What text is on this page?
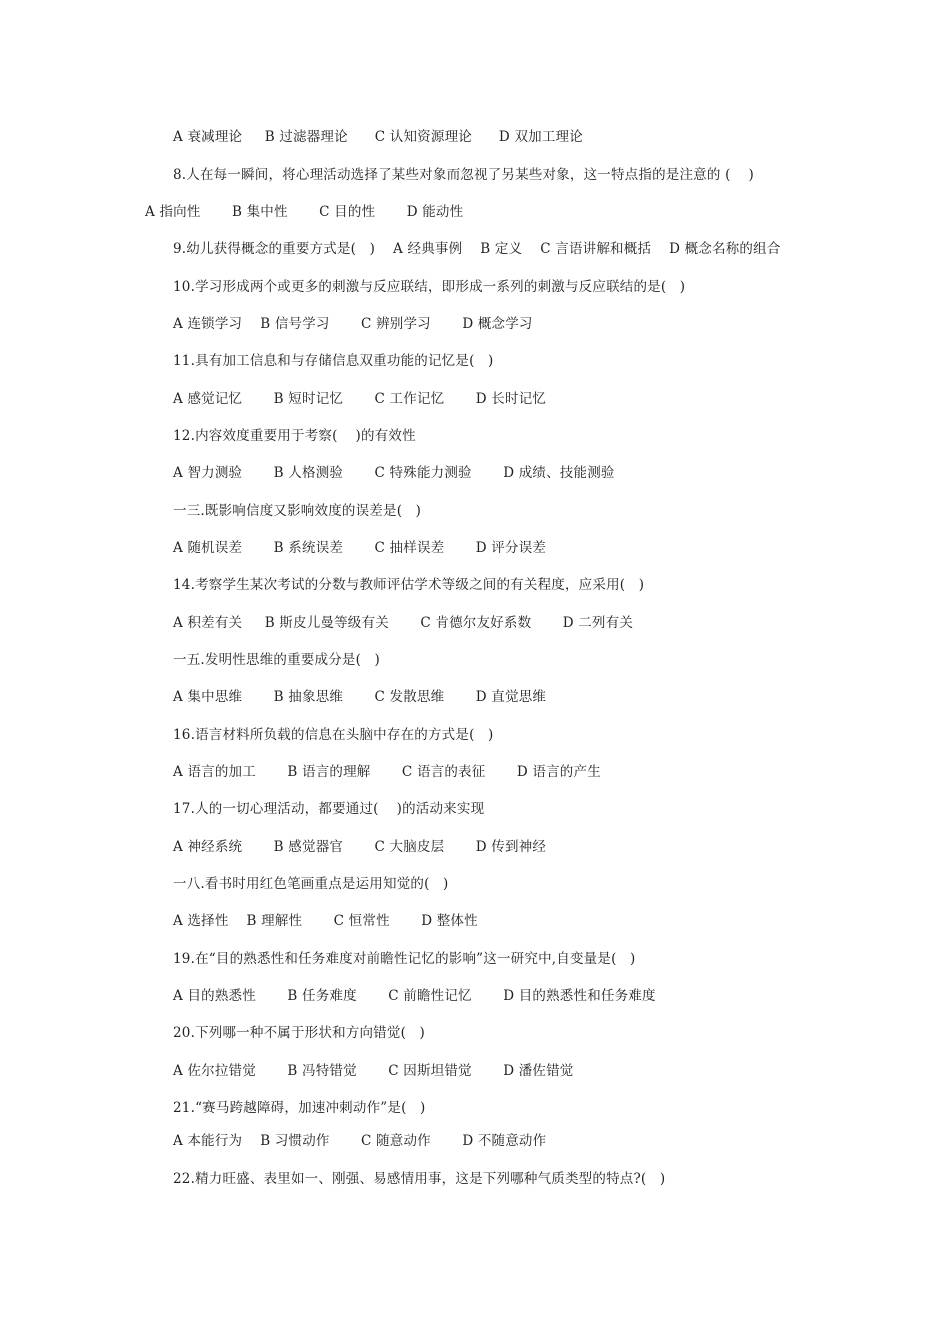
A 衰减理论     B 过滤器理论      C 认知资源理论      D 双加工理论
8.人在每一瞬间，将心理活动选择了某些对象而忽视了另某些对象，这一特点指的是注意的 (    )
A 指向性       B 集中性       C 目的性       D 能动性
9.幼儿获得概念的重要方式是(   )    A 经典事例    B 定义    C 言语讲解和概括    D 概念名称的组合
10.学习形成两个或更多的刺激与反应联结，即形成一系列的刺激与反应联结的是(   )
A 连锁学习    B 信号学习       C 辨别学习       D 概念学习
11.具有加工信息和与存储信息双重功能的记忆是(   )
A 感觉记忆       B 短时记忆       C 工作记忆       D 长时记忆
12.内容效度重要用于考察(    )的有效性
A 智力测验       B 人格测验       C 特殊能力测验       D 成绩、技能测验
一三.既影响信度又影响效度的误差是(   )
A 随机误差       B 系统误差       C 抽样误差       D 评分误差
14.考察学生某次考试的分数与教师评估学术等级之间的有关程度，应采用(   )
A 积差有关     B 斯皮儿曼等级有关       C 肯德尔友好系数       D 二列有关
一五.发明性思维的重要成分是(   )
A 集中思维       B 抽象思维       C 发散思维       D 直觉思维
16.语言材料所负载的信息在头脑中存在的方式是(   )
A 语言的加工       B 语言的理解       C 语言的表征       D 语言的产生
17.人的一切心理活动，都要通过(    )的活动来实现
A 神经系统       B 感觉器官       C 大脑皮层       D 传到神经
一八.看书时用红色笔画重点是运用知觉的(   )
A 选择性    B 理解性       C 恒常性       D 整体性
19.在“目的熟悉性和任务难度对前瞻性记忆的影响”这一研究中,自变量是(   )
A 目的熟悉性       B 任务难度       C 前瞻性记忆       D 目的熟悉性和任务难度
20.下列哪一种不属于形状和方向错觉(   )
A 佐尔拉错觉       B 冯特错觉       C 因斯坦错觉       D 潘佐错觉
21.“赛马跨越障碍，加速冲刺动作”是(   )
A 本能行为    B 习惯动作       C 随意动作       D 不随意动作
22.精力旺盛、表里如一、刚强、易感情用事，这是下列哪种气质类型的特点?(   )
